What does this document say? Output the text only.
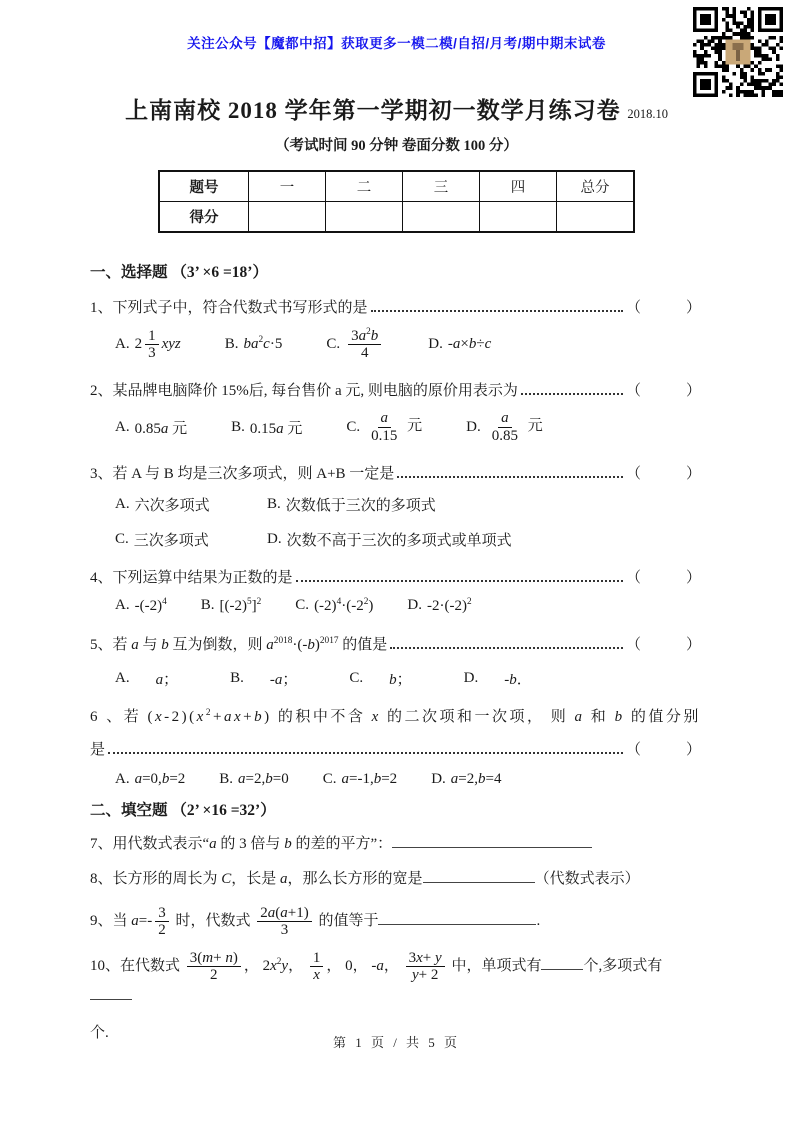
关注公众号【魔都中招】获取更多一模二模/自招/月考/期中期末试卷
上南南校 2018 学年第一学期初一数学月练习卷 2018.10
（考试时间 90 分钟 卷面分数 100 分）
题号	一	二	三	四	总分
得分					
一、选择题 （3’ ×6 =18’）
1、下列式子中，符合代数式书写形式的是	（　　　）
A. $2 \frac{1}{3}$ xyz	B. $ba^2c\cdot 5$	C. $\frac{3a^2b}{4}$	D. -a×b÷c
2、某品牌电脑降价 15%后, 每台售价 a 元, 则电脑的原价用表示为	（　　　）
A. 0.85a 元	B. 0.15a 元	C. $\frac{a}{0.15}$ 元	D. $\frac{a}{0.85}$ 元
3、若 A 与 B 均是三次多项式，则 A+B 一定是	（　　　）
A. 六次多项式	B. 次数低于三次的多项式
C. 三次多项式	D. 次数不高于三次的多项式或单项式
4、下列运算中结果为正数的是	（　　　）
A. $-(-2)^4$ B. $[(-2)^5]^2$ C. $(-2)^4\cdot(-2^2)$ D. $-2\cdot(-2)^2$
5、若 a 与 b 互为倒数，则 $a^{2018}\cdot(-b)^{2017}$ 的值是	（　　　）
A. a；	B. -a；	C. b；	D. -b．
6 、若 $(x-2)(x^2+ax+b)$ 的积中不含 x 的二次项和一次项， 则 a 和 b 的值分别
是	（　　　）
A. a=0,b=2 B. a=2,b=0 C. a=-1,b=2 D. a=2,b=4
二、填空题 （2’ ×16 =32’）
7、用代数式表示“a 的 3 倍与 b 的差的平方”：
8、长方形的周长为 C，长是 a，那么长方形的宽是	（代数式表示）
9、当 $a=- \frac{3}{2}$ 时，代数式 $\frac{2a(a+1)}{3}$ 的值等于	.
10、在代数式 $\frac{3(m+ n)}{2}$ ， $2x^2y$， $\frac{1}{x}$ ， 0， -a， $\frac{3x+ y}{y+ 2}$ 中，单项式有	个,多项式有
个.
第 1 页 / 共 5 页
